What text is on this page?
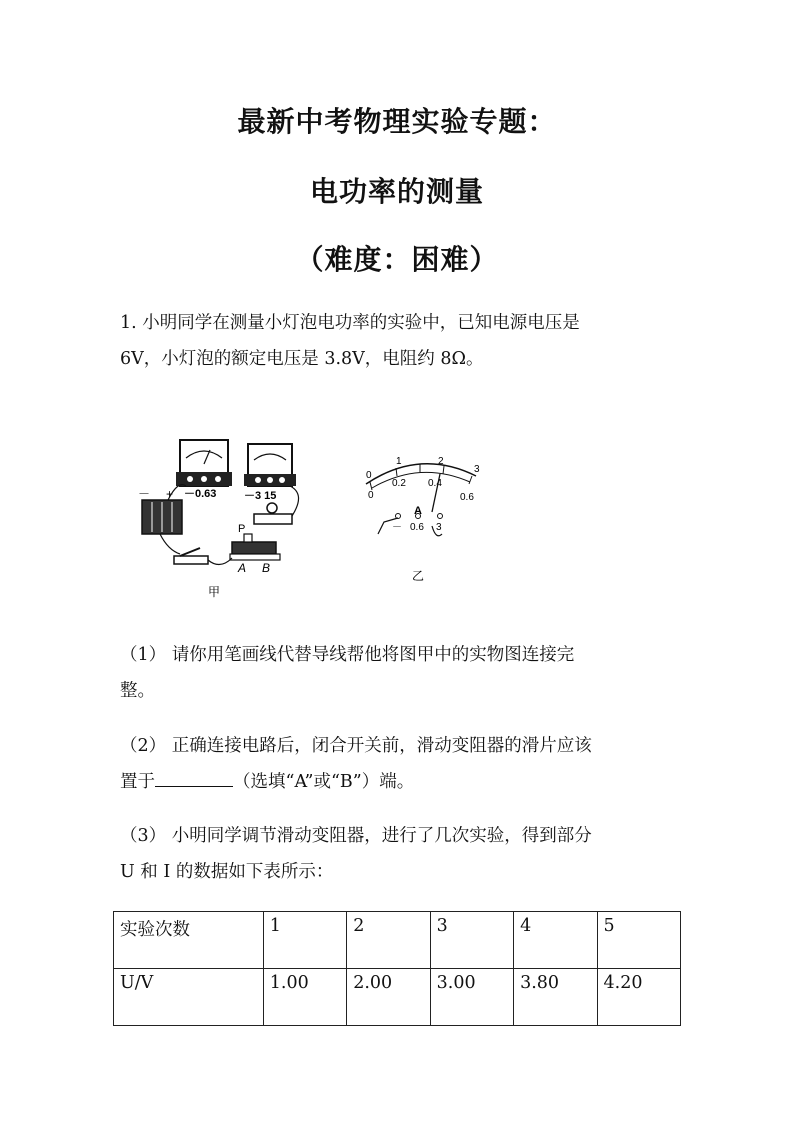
最新中考物理实验专题：
电功率的测量
（难度：困难）
1. 小明同学在测量小灯泡电功率的实验中，已知电源电压是
6V，小灯泡的额定电压是 3.8V，电阻约 8Ω。
－0.63	－3 15
－ +
P
A B
甲
0
1	2
3
0
0.2 0.4
0.6
A
－ 0.6 3
乙
（1） 请你用笔画线代替导线帮他将图甲中的实物图连接完
整。
（2） 正确连接电路后，闭合开关前，滑动变阻器的滑片应该
置于	（选填“A”或“B”）端。
（3） 小明同学调节滑动变阻器，进行了几次实验，得到部分
U 和 I 的数据如下表所示：
实验次数	1	2	3	4	5
U/V	1.00	2.00	3.00	3.80	4.20
